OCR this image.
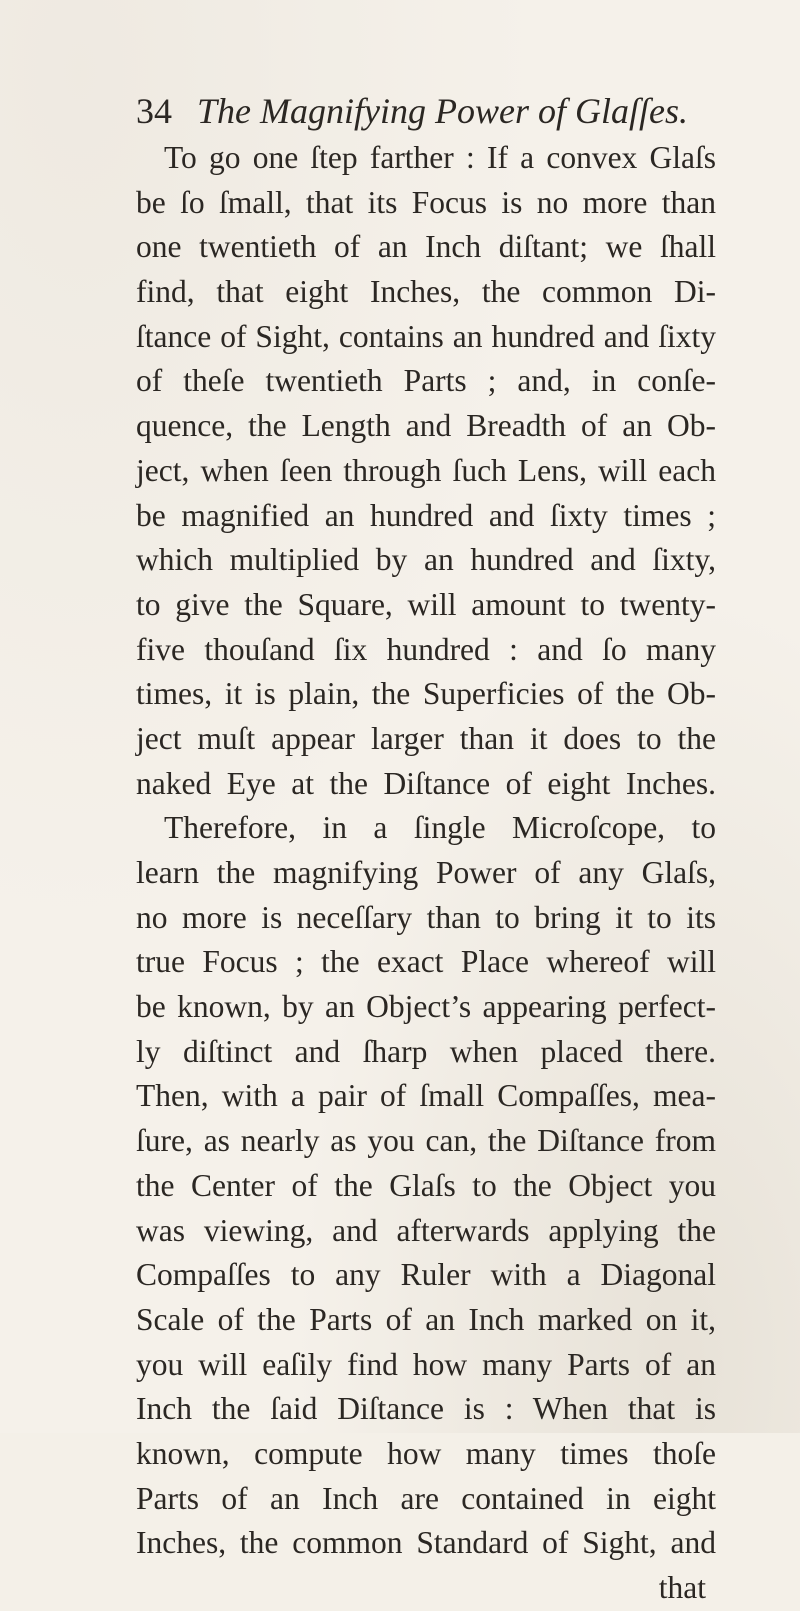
34 The Magnifying Power of Glaſſes.
To go one ſtep farther : If a convex Glaſs
be ſo ſmall, that its Focus is no more than
one twentieth of an Inch diſtant; we ſhall
find, that eight Inches, the common Di-
ſtance of Sight, contains an hundred and ſixty
of theſe twentieth Parts ; and, in conſe-
quence, the Length and Breadth of an Ob-
ject, when ſeen through ſuch Lens, will each
be magnified an hundred and ſixty times ;
which multiplied by an hundred and ſixty,
to give the Square, will amount to twenty-
five thouſand ſix hundred : and ſo many
times, it is plain, the Superficies of the Ob-
ject muſt appear larger than it does to the
naked Eye at the Diſtance of eight Inches.
Therefore, in a ſingle Microſcope, to
learn the magnifying Power of any Glaſs,
no more is neceſſary than to bring it to its
true Focus ; the exact Place whereof will
be known, by an Object’s appearing perfect-
ly diſtinct and ſharp when placed there.
Then, with a pair of ſmall Compaſſes, mea-
ſure, as nearly as you can, the Diſtance from
the Center of the Glaſs to the Object you
was viewing, and afterwards applying the
Compaſſes to any Ruler with a Diagonal
Scale of the Parts of an Inch marked on it,
you will eaſily find how many Parts of an
Inch the ſaid Diſtance is : When that is
known, compute how many times thoſe
Parts of an Inch are contained in eight
Inches, the common Standard of Sight, and
that
